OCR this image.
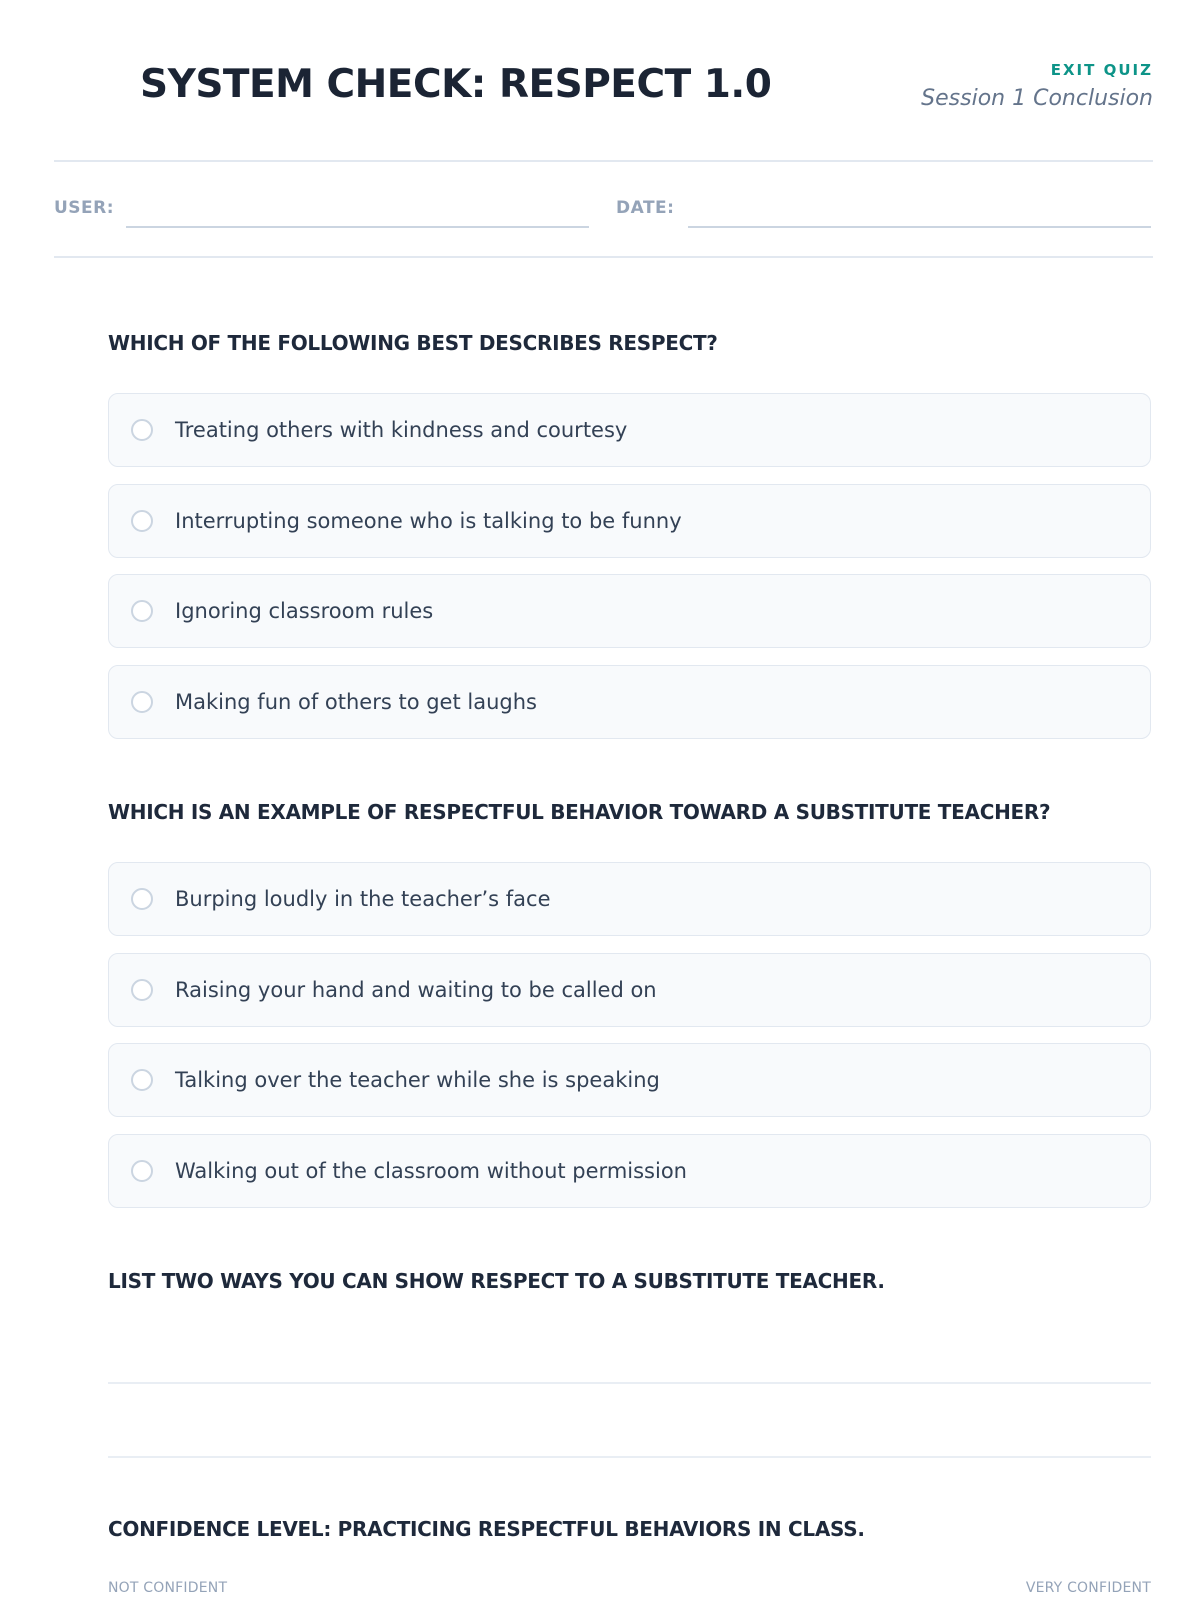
SYSTEM CHECK: RESPECT 1.0	EXIT QUIZ
Session 1 Conclusion
USER:	DATE:
WHICH OF THE FOLLOWING BEST DESCRIBES RESPECT?
Treating others with kindness and courtesy
Interrupting someone who is talking to be funny
Ignoring classroom rules
Making fun of others to get laughs
WHICH IS AN EXAMPLE OF RESPECTFUL BEHAVIOR TOWARD A SUBSTITUTE TEACHER?
Burping loudly in the teacher’s face
Raising your hand and waiting to be called on
Talking over the teacher while she is speaking
Walking out of the classroom without permission
LIST TWO WAYS YOU CAN SHOW RESPECT TO A SUBSTITUTE TEACHER.
CONFIDENCE LEVEL: PRACTICING RESPECTFUL BEHAVIORS IN CLASS.
NOT CONFIDENT	VERY CONFIDENT
